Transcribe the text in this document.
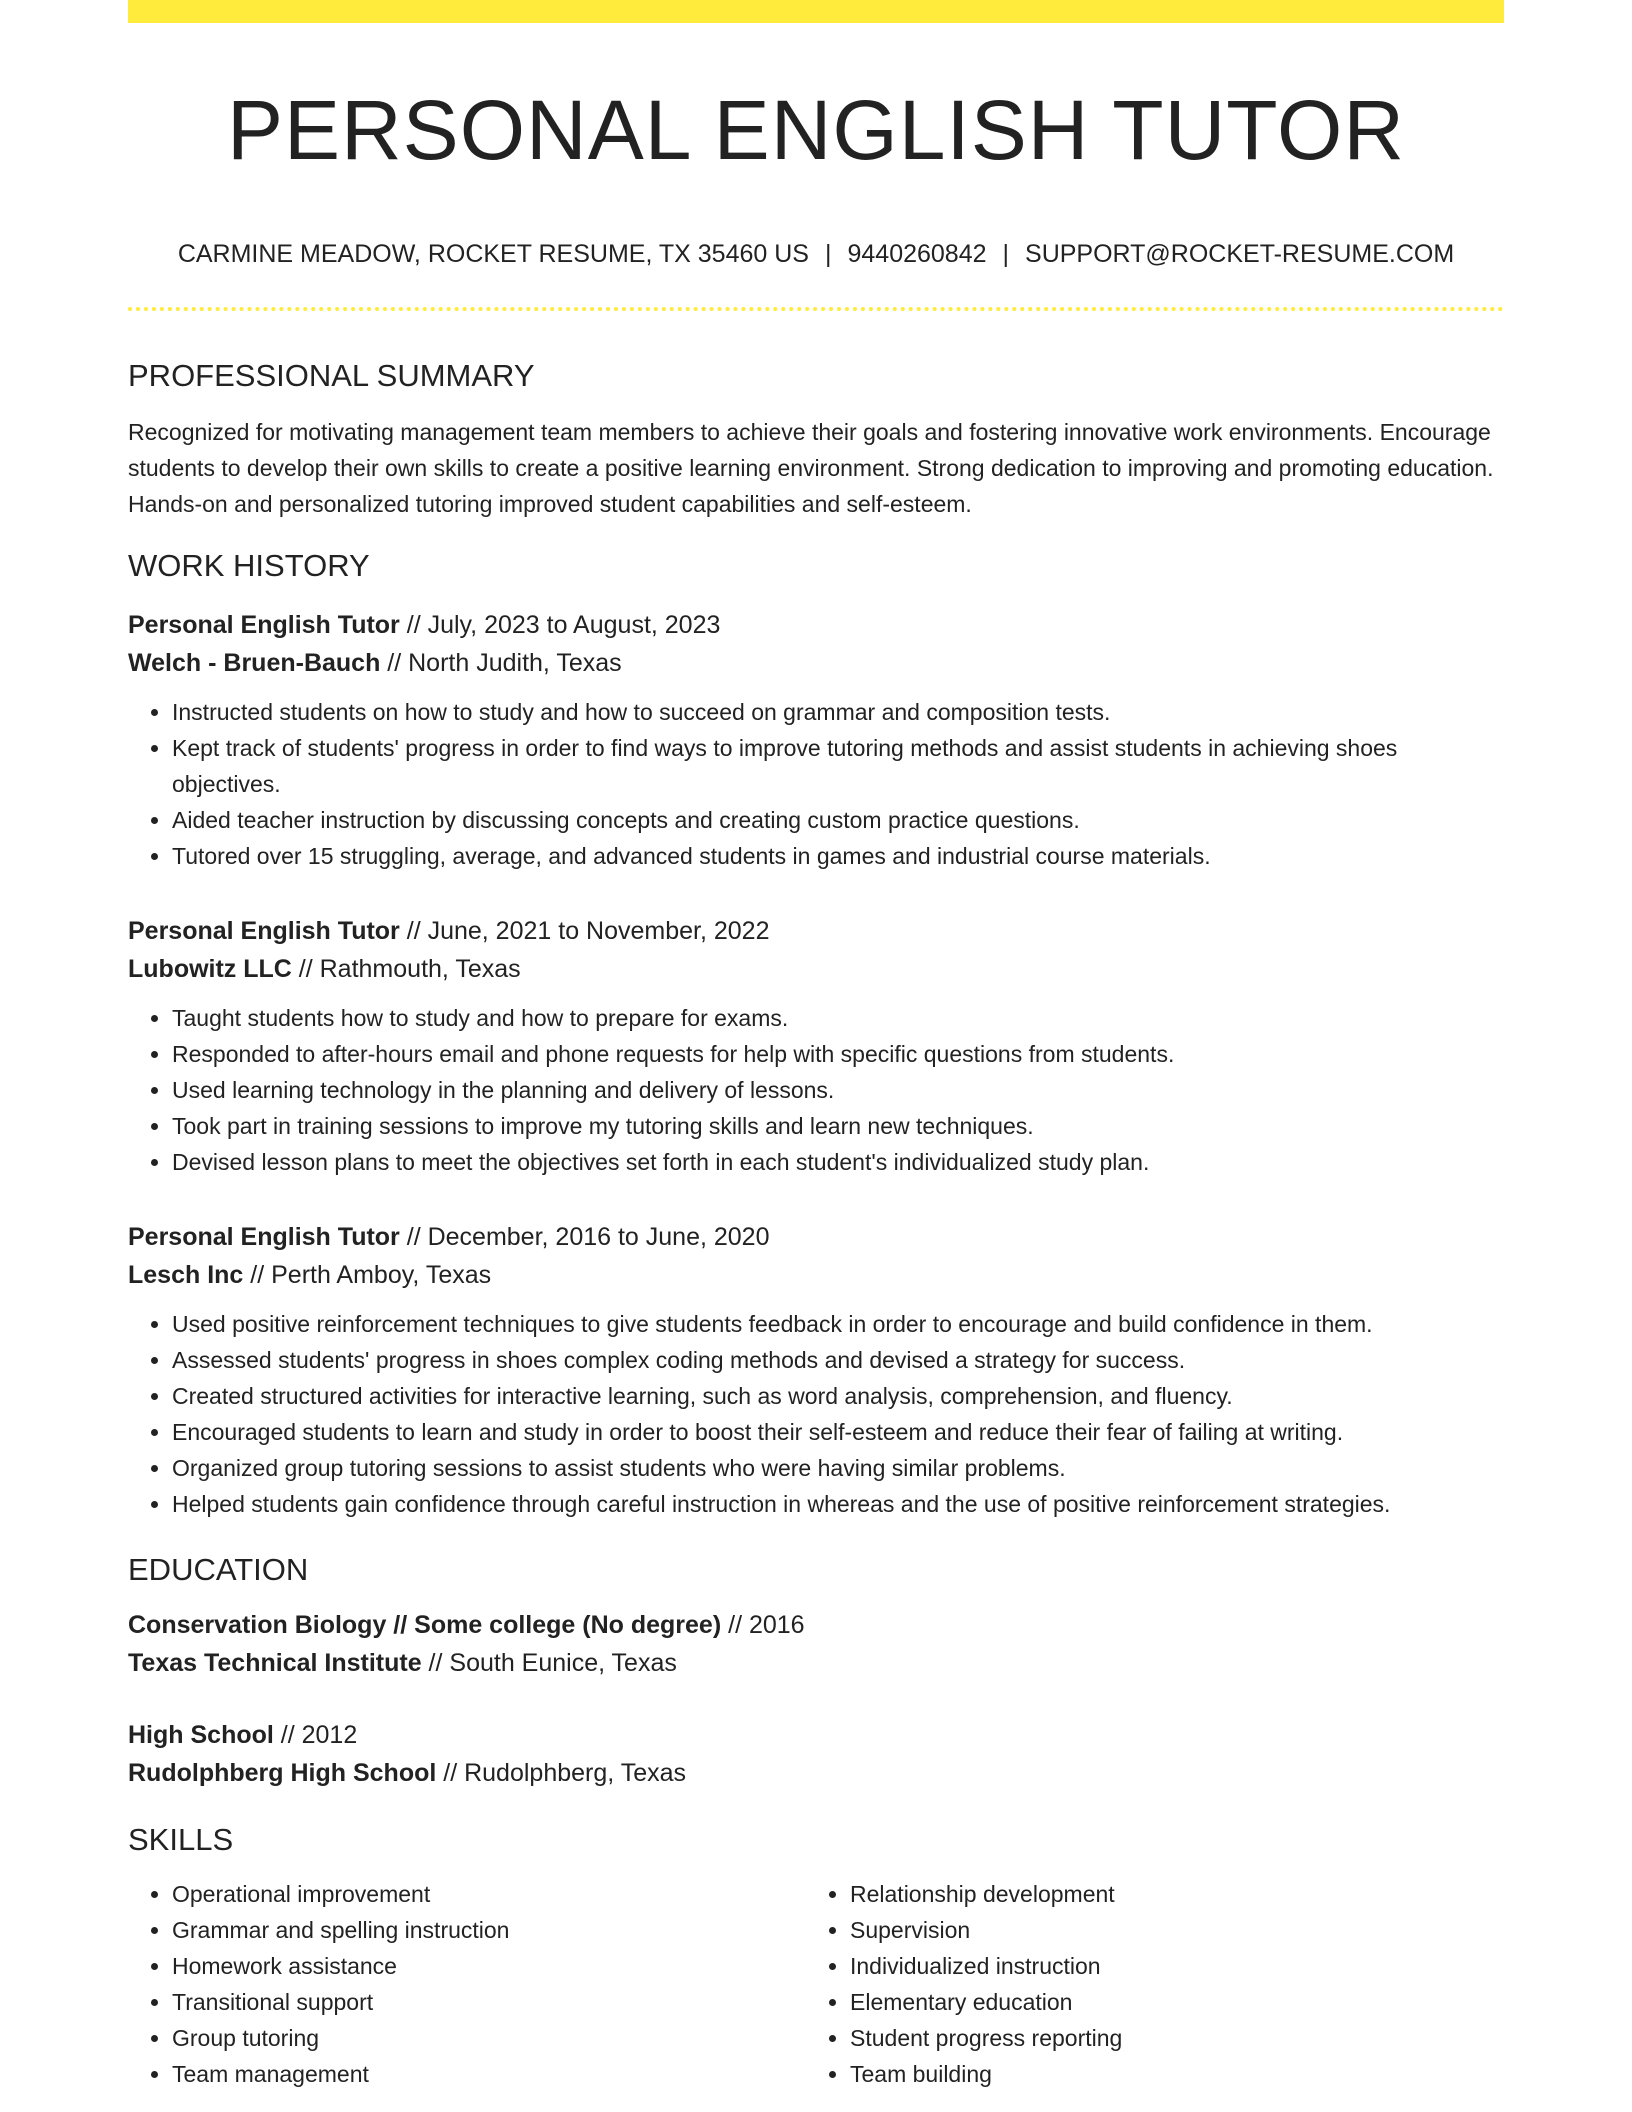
PERSONAL ENGLISH TUTOR
CARMINE MEADOW, ROCKET RESUME, TX 35460 US | 9440260842 | SUPPORT@ROCKET-RESUME.COM
PROFESSIONAL SUMMARY

Recognized for motivating management team members to achieve their goals and fostering innovative work environments. Encourage students to develop their own skills to create a positive learning environment. Strong dedication to improving and promoting education. Hands-on and personalized tutoring improved student capabilities and self-esteem.

WORK HISTORY
Personal English Tutor // July, 2023 to August, 2023
Welch - Bruen-Bauch // North Judith, Texas
• Instructed students on how to study and how to succeed on grammar and composition tests.
• Kept track of students' progress in order to find ways to improve tutoring methods and assist students in achieving shoes objectives.
• Aided teacher instruction by discussing concepts and creating custom practice questions.
• Tutored over 15 struggling, average, and advanced students in games and industrial course materials.
Personal English Tutor // June, 2021 to November, 2022
Lubowitz LLC // Rathmouth, Texas
• Taught students how to study and how to prepare for exams.
• Responded to after-hours email and phone requests for help with specific questions from students.
• Used learning technology in the planning and delivery of lessons.
• Took part in training sessions to improve my tutoring skills and learn new techniques.
• Devised lesson plans to meet the objectives set forth in each student's individualized study plan.
Personal English Tutor // December, 2016 to June, 2020
Lesch Inc // Perth Amboy, Texas
• Used positive reinforcement techniques to give students feedback in order to encourage and build confidence in them.
• Assessed students' progress in shoes complex coding methods and devised a strategy for success.
• Created structured activities for interactive learning, such as word analysis, comprehension, and fluency.
• Encouraged students to learn and study in order to boost their self-esteem and reduce their fear of failing at writing.
• Organized group tutoring sessions to assist students who were having similar problems.
• Helped students gain confidence through careful instruction in whereas and the use of positive reinforcement strategies.
EDUCATION
Conservation Biology // Some college (No degree) // 2016
Texas Technical Institute // South Eunice, Texas
High School // 2012
Rudolphberg High School // Rudolphberg, Texas
SKILLS
• Operational improvement
• Grammar and spelling instruction
• Homework assistance
• Transitional support
• Group tutoring
• Team management
• Relationship development
• Supervision
• Individualized instruction
• Elementary education
• Student progress reporting
• Team building
